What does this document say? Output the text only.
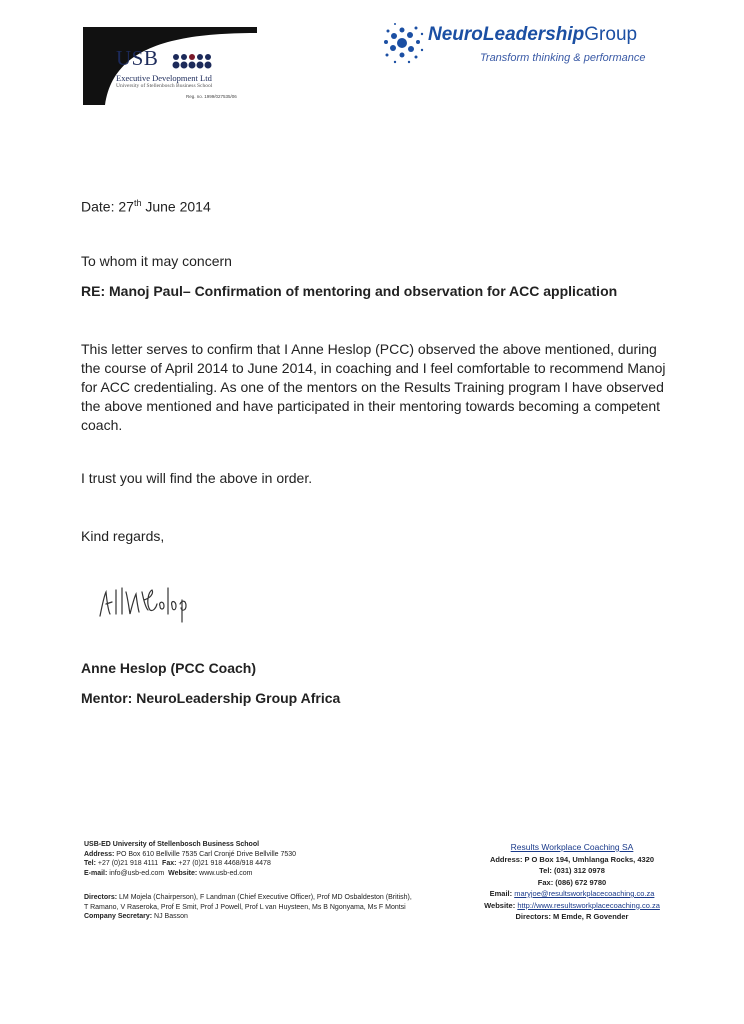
USB
Executive Development Ltd
University of Stellenbosch Business School
Reg. no. 1999/027535/06
NeuroLeadershipGroup
Transform thinking & performance
Date: 27th June 2014
To whom it may concern
RE: Manoj Paul– Confirmation of mentoring and observation for ACC application
This letter serves to confirm that I Anne Heslop (PCC) observed the above mentioned, during the course of April 2014 to June 2014, in coaching and I feel comfortable to recommend Manoj for ACC credentialing. As one of the mentors on the Results Training program I have observed the above mentioned and have participated in their mentoring towards becoming a competent coach.
I trust you will find the above in order.
Kind regards,
Anne Heslop (PCC Coach)
Mentor: NeuroLeadership Group Africa
USB-ED University of Stellenbosch Business School
Address: PO Box 610 Bellville 7535 Carl Cronjé Drive Bellville 7530
Tel: +27 (0)21 918 4111 Fax: +27 (0)21 918 4468/918 4478
E-mail: info@usb-ed.com Website: www.usb-ed.com
Directors: LM Mojela (Chairperson), F Landman (Chief Executive Officer), Prof MD Osbaldeston (British), T Ramano, V Raseroka, Prof E Smit, Prof J Powell, Prof L van Huysteen, Ms B Ngonyama, Ms F Montsi
Company Secretary: NJ Basson
Results Workplace Coaching SA
Address: P O Box 194, Umhlanga Rocks, 4320
Tel: (031) 312 0978
Fax: (086) 672 9780
Email: maryjoe@resultsworkplacecoaching.co.za
Website: http://www.resultsworkplacecoaching.co.za
Directors: M Emde, R Govender
